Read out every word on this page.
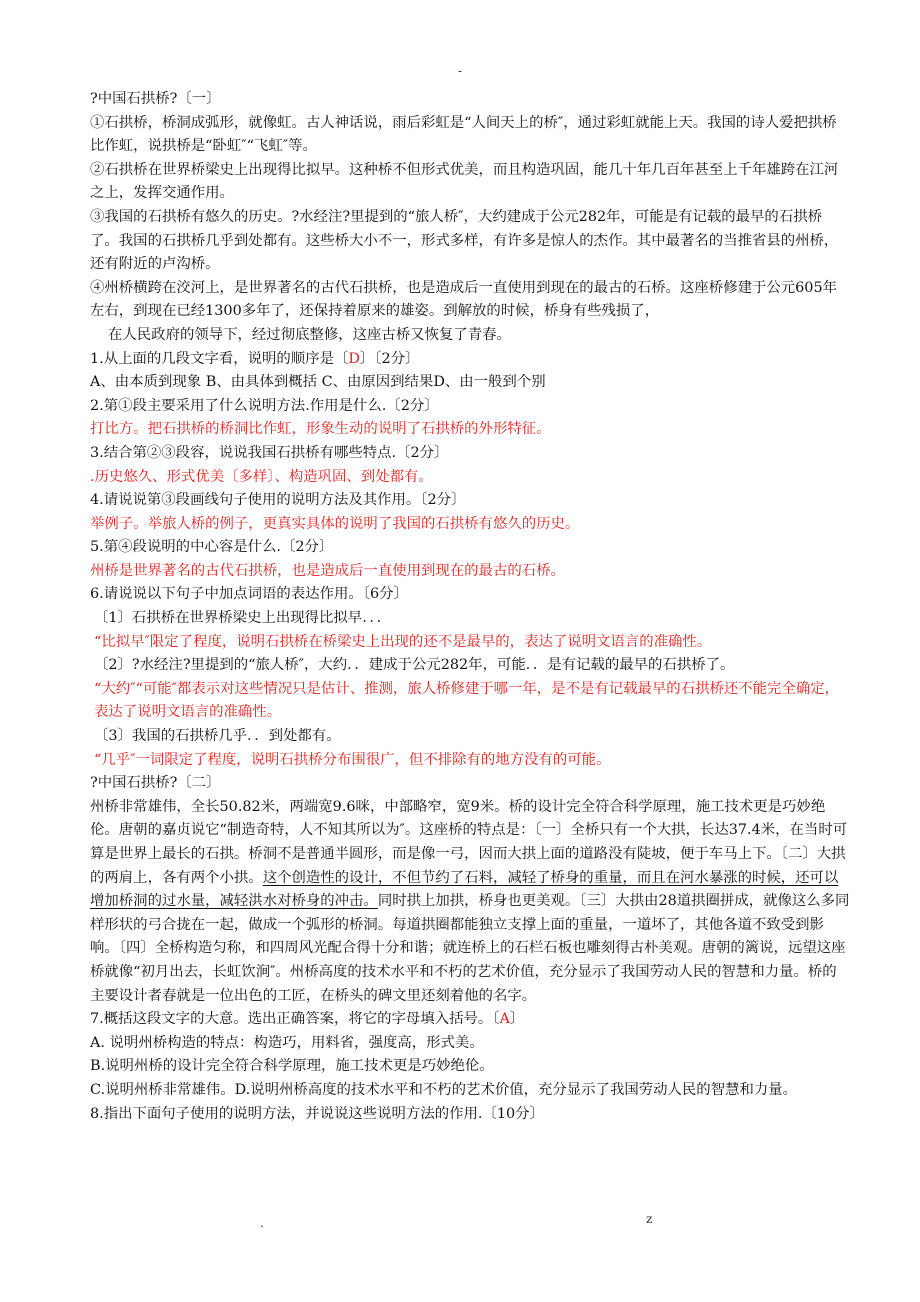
-

?中国石拱桥?〔一〕

①石拱桥，桥洞成弧形，就像虹。古人神话说，雨后彩虹是“人间天上的桥″，通过彩虹就能上天。我国的诗人爱把拱桥比作虹，说拱桥是“卧虹″“飞虹″等。

②石拱桥在世界桥梁史上出现得比拟早。这种桥不但形式优美，而且构造巩固，能几十年几百年甚至上千年雄跨在江河之上，发挥交通作用。

③我国的石拱桥有悠久的历史。?水经注?里提到的“旅人桥″，大约建成于公元282年，可能是有记载的最早的石拱桥了。我国的石拱桥几乎到处都有。这些桥大小不一，形式多样，有许多是惊人的杰作。其中最著名的当推省县的州桥，还有附近的卢沟桥。

④州桥横跨在洨河上，是世界著名的古代石拱桥，也是造成后一直使用到现在的最古的石桥。这座桥修建于公元605年左右，到现在已经1300多年了，还保持着原来的雄姿。到解放的时候，桥身有些残损了，

在人民政府的领导下，经过彻底整修，这座古桥又恢复了青春。

1.从上面的几段文字看，说明的顺序是〔D〕〔2分〕

A、由本质到现象 B、由具体到概括 C、由原因到结果D、由一般到个别

2.第①段主要采用了什么说明方法.作用是什么.〔2分〕

打比方。把石拱桥的桥洞比作虹，形象生动的说明了石拱桥的外形特征。

3.结合第②③段容，说说我国石拱桥有哪些特点.〔2分〕

.历史悠久、形式优美〔多样〕、构造巩固、到处都有。

4.请说说第③段画线句子使用的说明方法及其作用。〔2分〕

举例子。举旅人桥的例子，更真实具体的说明了我国的石拱桥有悠久的历史。

5.第④段说明的中心容是什么.〔2分〕

州桥是世界著名的古代石拱桥，也是造成后一直使用到现在的最古的石桥。

6.请说说以下句子中加点词语的表达作用。〔6分〕

〔1〕石拱桥在世界桥梁史上出现得比拟早．．．

“比拟早″限定了程度，说明石拱桥在桥梁史上出现的还不是最早的，表达了说明文语言的准确性。

〔2〕?水经注?里提到的“旅人桥″，大约．．建成于公元282年，可能．．是有记载的最早的石拱桥了。

“大约″“可能″都表示对这些情况只是估计、推测，旅人桥修建于哪一年，是不是有记载最早的石拱桥还不能完全确定，表达了说明文语言的准确性。

〔3〕我国的石拱桥几乎．．到处都有。

“几乎″一词限定了程度，说明石拱桥分布围很广，但不排除有的地方没有的可能。

?中国石拱桥?〔二〕

州桥非常雄伟，全长50.82米，两端宽9.6咪，中部略窄，宽9米。桥的设计完全符合科学原理，施工技术更是巧妙绝伦。唐朝的嘉贞说它“制造奇特，人不知其所以为″。这座桥的特点是：〔一〕全桥只有一个大拱，长达37.4米，在当时可算是世界上最长的石拱。桥洞不是普通半圆形，而是像一弓，因而大拱上面的道路没有陡坡，便于车马上下。〔二〕大拱的两肩上，各有两个小拱。这个创造性的设计，不但节约了石料，减轻了桥身的重量，而且在河水暴涨的时候，还可以增加桥洞的过水量，减轻洪水对桥身的冲击。同时拱上加拱，桥身也更美观。〔三〕大拱由28道拱圈拼成，就像这么多同样形状的弓合拢在一起，做成一个弧形的桥洞。每道拱圈都能独立支撑上面的重量，一道坏了，其他各道不致受到影响。〔四〕全桥构造匀称，和四周风光配合得十分和谐；就连桥上的石栏石板也雕刻得古朴美观。唐朝的篱说，远望这座桥就像“初月出去，长虹饮涧″。州桥高度的技术水平和不朽的艺术价值，充分显示了我国劳动人民的智慧和力量。桥的主要设计者春就是一位出色的工匠，在桥头的碑文里还刻着他的名字。

7.概括这段文字的大意。选出正确答案，将它的字母填入括号。〔A〕

A. 说明州桥构造的特点：构造巧，用料省，强度高，形式美。

B.说明州桥的设计完全符合科学原理，施工技术更是巧妙绝伦。

C.说明州桥非常雄伟。D.说明州桥高度的技术水平和不朽的艺术价值，充分显示了我国劳动人民的智慧和力量。

8.指出下面句子使用的说明方法，并说说这些说明方法的作用.〔10分〕

.	z
